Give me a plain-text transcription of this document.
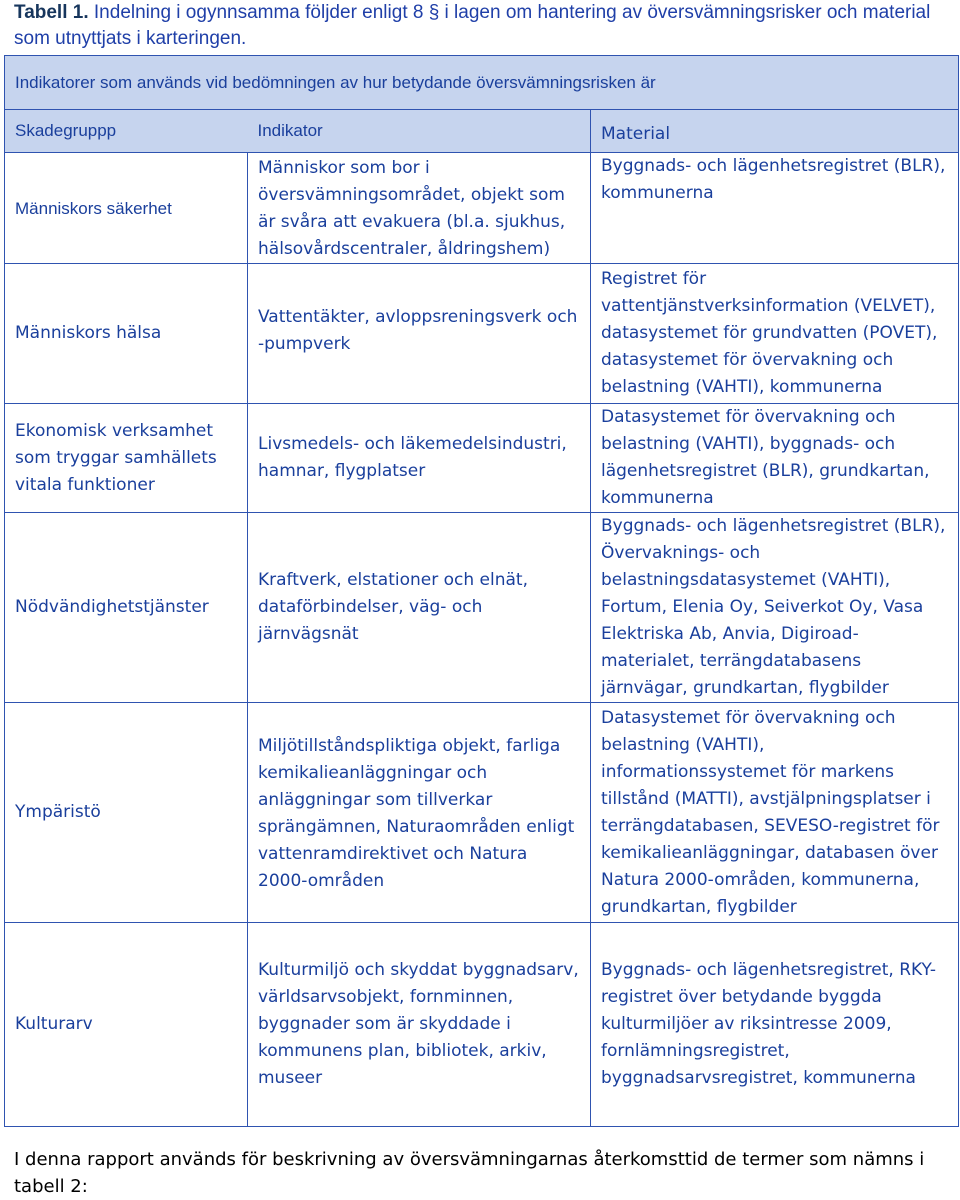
Tabell 1. Indelning i ogynnsamma följder enligt 8 § i lagen om hantering av översvämningsrisker och material som utnyttjats i karteringen.
Indikatorer som används vid bedömningen av hur betydande översvämningsrisken är		
Skadegruppp	Indikator	Material
Människors säkerhet	Människor som bor i översvämningsområdet, objekt som är svåra att evakuera (bl.a. sjukhus, hälsovårdscentraler, åldringshem)	Byggnads- och lägenhetsregistret (BLR), kommunerna
Människors hälsa	Vattentäkter, avloppsreningsverk och -pumpverk	Registret för vattentjänstverksinformation (VELVET), datasystemet för grundvatten (POVET), datasystemet för övervakning och belastning (VAHTI), kommunerna
Ekonomisk verksamhet som tryggar samhällets vitala funktioner	Livsmedels- och läkemedelsindustri, hamnar, flygplatser	Datasystemet för övervakning och belastning (VAHTI), byggnads- och lägenhetsregistret (BLR), grundkartan, kommunerna
Nödvändighetstjänster	Kraftverk, elstationer och elnät, dataförbindelser, väg- och järnvägsnät	Byggnads- och lägenhetsregistret (BLR), Övervaknings- och belastningsdatasystemet (VAHTI), Fortum, Elenia Oy, Seiverkot Oy, Vasa Elektriska Ab, Anvia, Digiroad-materialet, terrängdatabasens järnvägar, grundkartan, flygbilder
Ympäristö	Miljötillståndspliktiga objekt, farliga kemikalieanläggningar och anläggningar som tillverkar sprängämnen, Naturaområden enligt vattenramdirektivet och Natura 2000-områden	Datasystemet för övervakning och belastning (VAHTI), informationssystemet för markens tillstånd (MATTI), avstjälpningsplatser i terrängdatabasen, SEVESO-registret för kemikalieanläggningar, databasen över Natura 2000-områden, kommunerna, grundkartan, flygbilder
Kulturarv	Kulturmiljö och skyddat byggnadsarv, världsarvsobjekt, fornminnen, byggnader som är skyddade i kommunens plan, bibliotek, arkiv, museer	Byggnads- och lägenhetsregistret, RKY-registret över betydande byggda kulturmiljöer av riksintresse 2009, fornlämningsregistret, byggnadsarvsregistret, kommunerna
I denna rapport används för beskrivning av översvämningarnas återkomsttid de termer som nämns i tabell 2:
